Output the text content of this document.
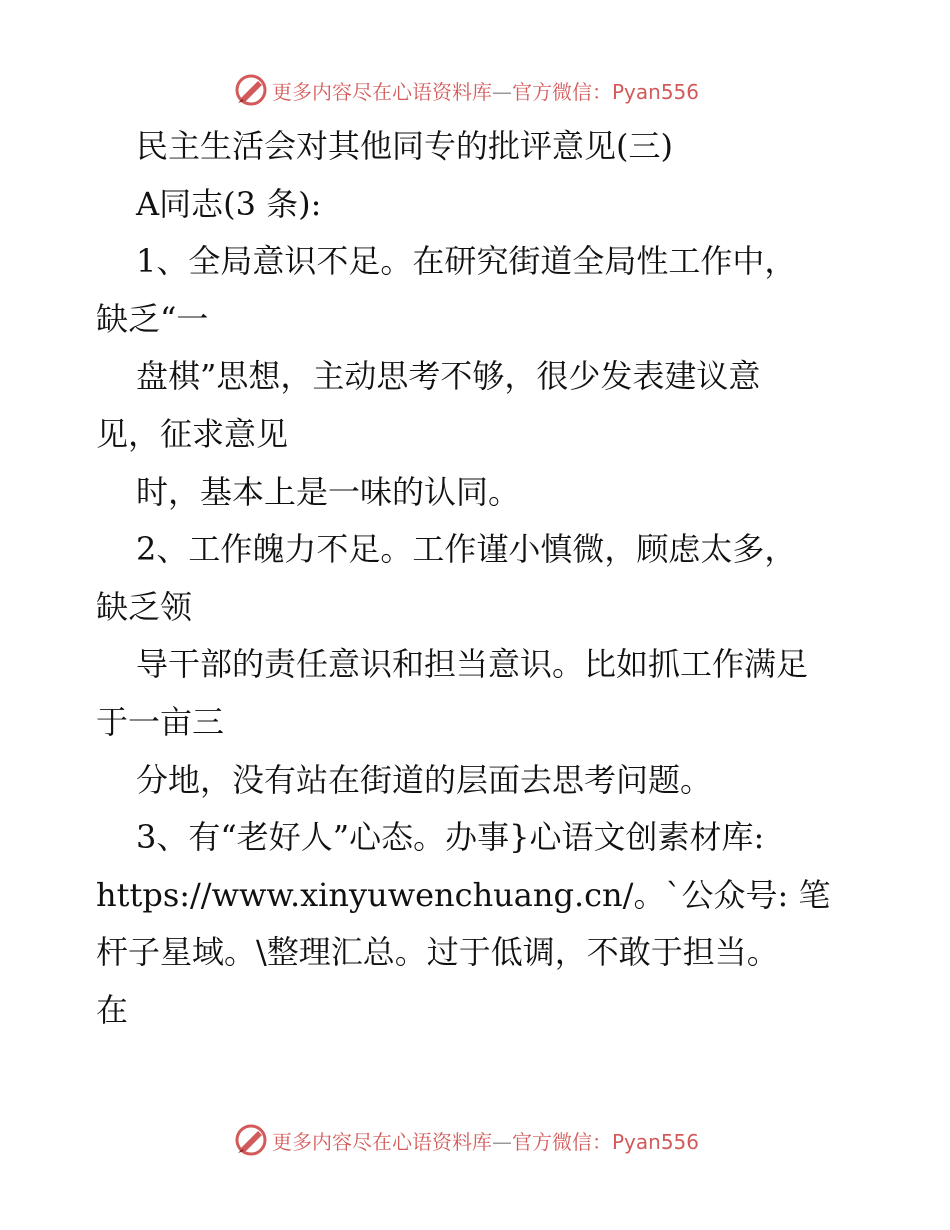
更多内容尽在心语资料库—官方微信：Pyan556
民主生活会对其他同专的批评意见(三)
A同志(3 条):
1、全局意识不足。在研究街道全局性工作中，
缺乏“一
盘棋”思想，主动思考不够，很少发表建议意
见，征求意见
时，基本上是一味的认同。
2、工作魄力不足。工作谨小慎微，顾虑太多，
缺乏领
导干部的责任意识和担当意识。比如抓工作满足
于一亩三
分地，没有站在街道的层面去思考问题。
3、有“老好人”心态。办事}心语文创素材库:
https://www.xinyuwenchuang.cn/。`公众号: 笔
杆子星域。\整理汇总。过于低调，不敢于担当。
在
更多内容尽在心语资料库—官方微信：Pyan556
